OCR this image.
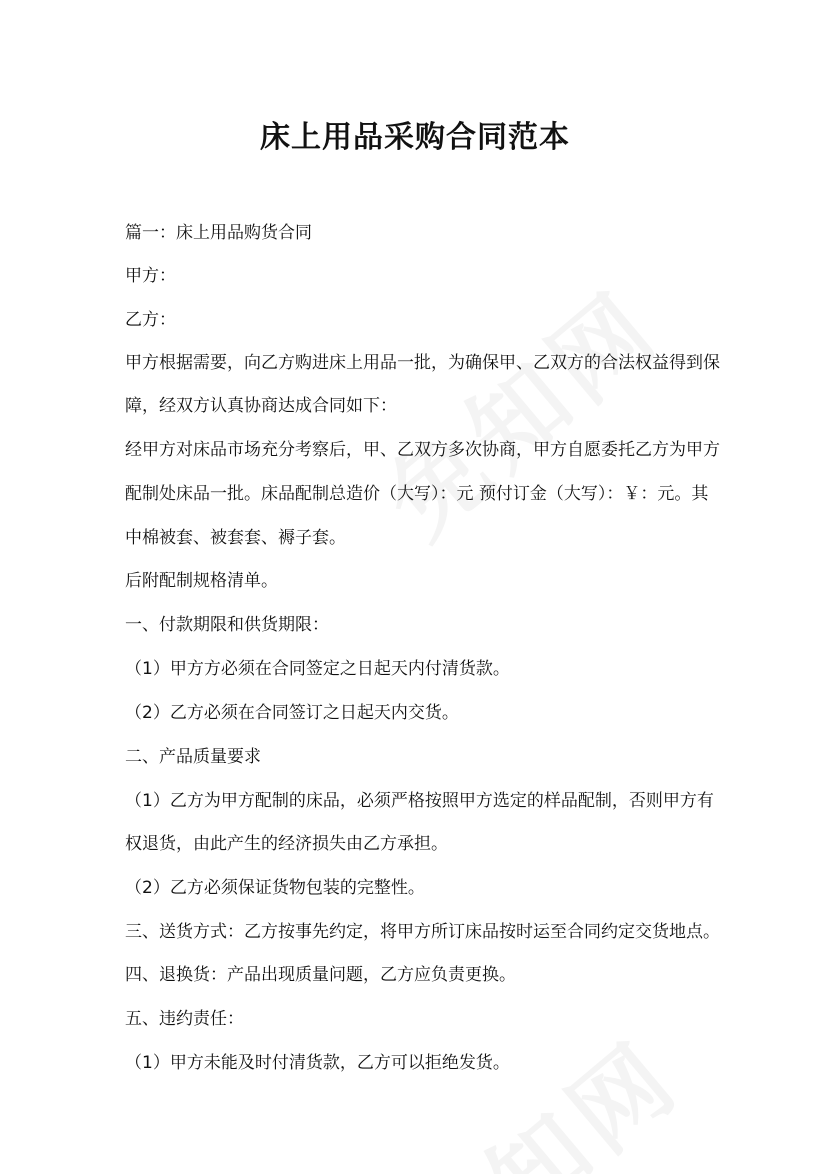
床上用品采购合同范本
篇一：床上用品购货合同
甲方：
乙方：
甲方根据需要，向乙方购进床上用品一批，为确保甲、乙双方的合法权益得到保
障，经双方认真协商达成合同如下：
经甲方对床品市场充分考察后，甲、乙双方多次协商，甲方自愿委托乙方为甲方
配制处床品一批。床品配制总造价（大写）：元 预付订金（大写）：￥：元。其
中棉被套、被套套、褥子套。
后附配制规格清单。
一、付款期限和供货期限：
（1）甲方方必须在合同签定之日起天内付清货款。
（2）乙方必须在合同签订之日起天内交货。
二、产品质量要求
（1）乙方为甲方配制的床品，必须严格按照甲方选定的样品配制，否则甲方有
权退货，由此产生的经济损失由乙方承担。
（2）乙方必须保证货物包装的完整性。
三、送货方式：乙方按事先约定，将甲方所订床品按时运至合同约定交货地点。
四、退换货：产品出现质量问题，乙方应负责更换。
五、违约责任：
（1）甲方未能及时付清货款，乙方可以拒绝发货。
